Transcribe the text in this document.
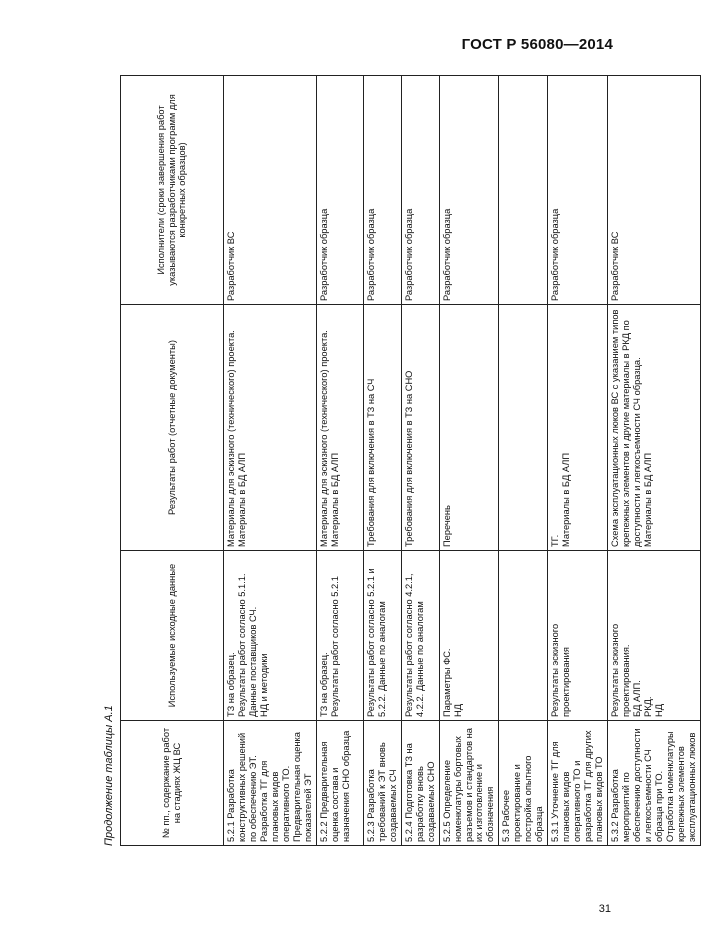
ГОСТ Р 56080—2014
Продолжение таблицы А.1	№ пп., содержание работ на стадиях ЖЦ ВС	Используемые исходные данные	Результаты работ (отчетные документы)	Исполнители (сроки завершения работ указываются разработчиками программ для конкретных образцов)
5.2.1 Разработка конструктивных решений по обеспечению ЭТ. Разработка ТГ для плановых видов оперативного ТО. Предварительная оценка показателей ЭТ	ТЗ на образец.
Результаты работ согласно 5.1.1.
Данные поставщиков СЧ.
НД и методики	Материалы для эскизного (технического) проекта.
Материалы в БД АЛП	Разработчик ВС
5.2.2 Предварительная оценка состава и назначения СНО образца	ТЗ на образец.
Результаты работ согласно 5.2.1	Материалы для эскизного (технического) проекта.
Материалы в БД АЛП	Разработчик образца
5.2.3 Разработка требований к ЭТ вновь создаваемых СЧ	Результаты работ согласно 5.2.1 и 5.2.2. Данные по аналогам	Требования для включения в ТЗ на СЧ	Разработчик образца
5.2.4 Подготовка ТЗ на разработку вновь создаваемых СНО	Результаты работ согласно 4.2.1, 4.2.2. Данные по аналогам	Требования для включения в ТЗ на СНО	Разработчик образца
5.2.5 Определение номенклатуры бортовых разъемов и стандартов на их изготовление и обозначения	Параметры ФС.
НД	Перечень	Разработчик образца
5.3 Рабочее проектирование и постройка опытного образца			
5.3.1 Уточнение ТГ для плановых видов оперативного ТО и разработка ТГ для других плановых видов ТО	Результаты эскизного проектирования	ТГ.
Материалы в БД АЛП	Разработчик образца
5.3.2 Разработка мероприятий по обеспечению доступности и легкосъемности СЧ образца при ТО. Отработка номенклатуры крепежных элементов эксплуатационных люков	Результаты эскизного проектирования.
БД АЛП.
РКД.
НД	Схема эксплуатационных люков ВС с указанием типов крепежных элементов и другие материалы в РКД по доступности и легкосъемности СЧ образца.
Материалы в БД АЛП	Разработчик ВС
31
